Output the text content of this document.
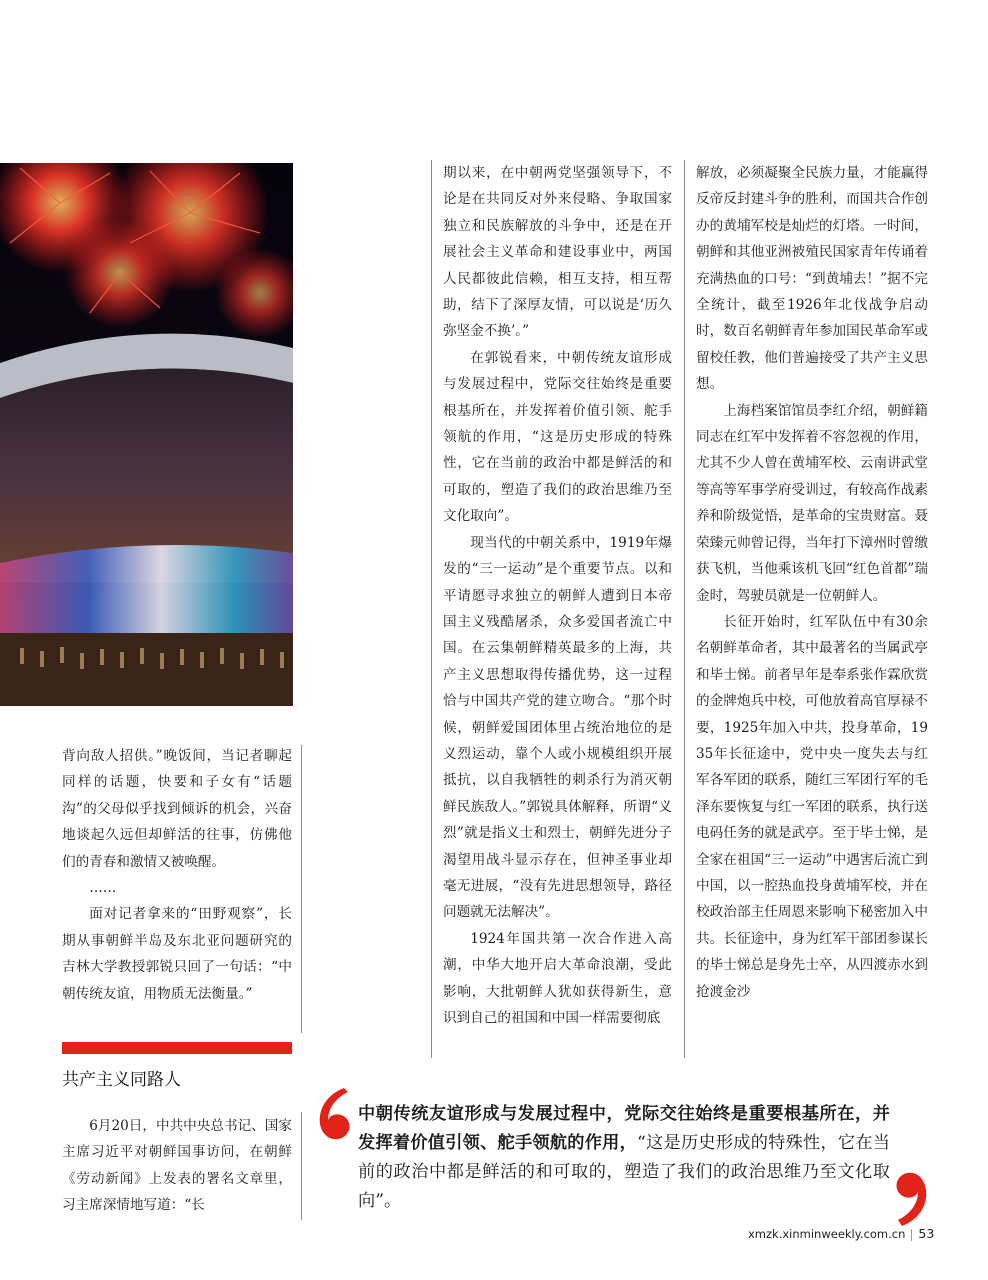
背向敌人招供。”晚饭间，当记者聊起同样的话题，快要和子女有“话题沟”的父母似乎找到倾诉的机会，兴奋地谈起久远但却鲜活的往事，仿佛他们的青春和激情又被唤醒。

……

面对记者拿来的“田野观察”，长期从事朝鲜半岛及东北亚问题研究的吉林大学教授郭锐只回了一句话：“中朝传统友谊，用物质无法衡量。”

共产主义同路人

6月20日，中共中央总书记、国家主席习近平对朝鲜国事访问，在朝鲜《劳动新闻》上发表的署名文章里，习主席深情地写道：“长

期以来，在中朝两党坚强领导下，不论是在共同反对外来侵略、争取国家独立和民族解放的斗争中，还是在开展社会主义革命和建设事业中，两国人民都彼此信赖，相互支持，相互帮助，结下了深厚友情，可以说是‘历久弥坚金不换’。”

在郭锐看来，中朝传统友谊形成与发展过程中，党际交往始终是重要根基所在，并发挥着价值引领、舵手领航的作用，“这是历史形成的特殊性，它在当前的政治中都是鲜活的和可取的，塑造了我们的政治思维乃至文化取向”。

现当代的中朝关系中，1919年爆发的“三一运动”是个重要节点。以和平请愿寻求独立的朝鲜人遭到日本帝国主义残酷屠杀，众多爱国者流亡中国。在云集朝鲜精英最多的上海，共产主义思想取得传播优势，这一过程恰与中国共产党的建立吻合。“那个时候，朝鲜爱国团体里占统治地位的是义烈运动，靠个人或小规模组织开展抵抗，以自我牺牲的刺杀行为消灭朝鲜民族敌人。”郭锐具体解释，所谓“义烈”就是指义士和烈士，朝鲜先进分子渴望用战斗显示存在，但神圣事业却毫无进展，“没有先进思想领导，路径问题就无法解决”。

1924年国共第一次合作进入高潮，中华大地开启大革命浪潮，受此影响，大批朝鲜人犹如获得新生，意识到自己的祖国和中国一样需要彻底

解放，必须凝聚全民族力量，才能赢得反帝反封建斗争的胜利，而国共合作创办的黄埔军校是灿烂的灯塔。一时间，朝鲜和其他亚洲被殖民国家青年传诵着充满热血的口号：“到黄埔去！”据不完全统计，截至1926年北伐战争启动时，数百名朝鲜青年参加国民革命军或留校任教，他们普遍接受了共产主义思想。

上海档案馆馆员李红介绍，朝鲜籍同志在红军中发挥着不容忽视的作用，尤其不少人曾在黄埔军校、云南讲武堂等高等军事学府受训过，有较高作战素养和阶级觉悟，是革命的宝贵财富。聂荣臻元帅曾记得，当年打下漳州时曾缴获飞机，当他乘该机飞回“红色首都”瑞金时，驾驶员就是一位朝鲜人。

长征开始时，红军队伍中有30余名朝鲜革命者，其中最著名的当属武亭和毕士悌。前者早年是奉系张作霖欣赏的金牌炮兵中校，可他放着高官厚禄不要，1925年加入中共，投身革命，1935年长征途中，党中央一度失去与红军各军团的联系，随红三军团行军的毛泽东要恢复与红一军团的联系，执行送电码任务的就是武亭。至于毕士悌，是全家在祖国“三一运动”中遇害后流亡到中国，以一腔热血投身黄埔军校，并在校政治部主任周恩来影响下秘密加入中共。长征途中，身为红军干部团参谋长的毕士悌总是身先士卒，从四渡赤水到抢渡金沙

中朝传统友谊形成与发展过程中，党际交往始终是重要根基所在，并发挥着价值引领、舵手领航的作用，“这是历史形成的特殊性，它在当前的政治中都是鲜活的和可取的，塑造了我们的政治思维乃至文化取向”。
xmzk.xinminweekly.com.cn 53
